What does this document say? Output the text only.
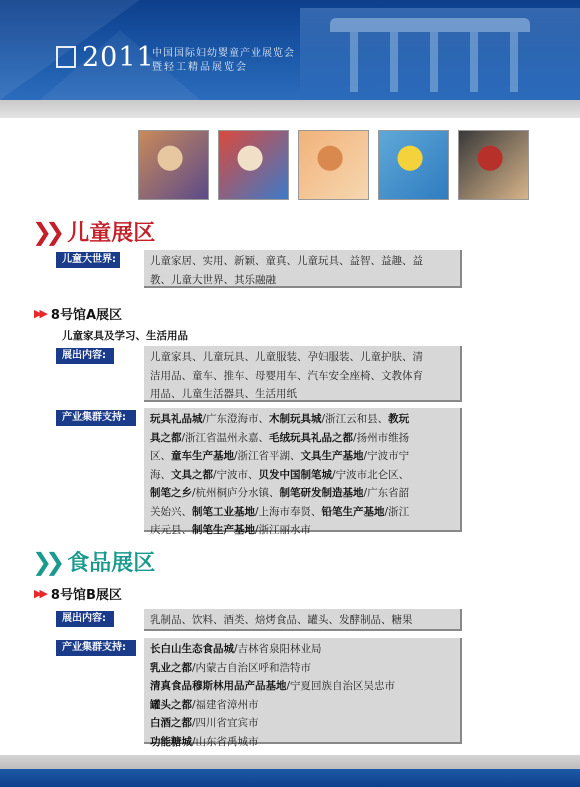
2011
中国国际妇幼婴童产业展览会
暨轻工精品展览会
❯❯ 儿童展区
儿童大世界:	儿童家居、实用、新颖、童真、儿童玩具、益智、益趣、益
教、儿童大世界、其乐融融
▶▶ 8号馆A展区
儿童家具及学习、生活用品
展出内容:	儿童家具、儿童玩具、儿童服装、孕妇服装、儿童护肤、清
洁用品、童车、推车、母婴用车、汽车安全座椅、文教体育
用品、儿童生活器具、生活用纸
产业集群支持:	玩具礼品城/广东澄海市、木制玩具城/浙江云和县、教玩
具之都/浙江省温州永嘉、毛绒玩具礼品之都/扬州市维扬
区、童车生产基地/浙江省平湖、文具生产基地/宁波市宁
海、文具之都/宁波市、贝发中国制笔城/宁波市北仑区、
制笔之乡/杭州桐庐分水镇、制笔研发制造基地/广东省韶
关始兴、制笔工业基地/上海市奉贤、铅笔生产基地/浙江
庆元县、制笔生产基地/浙江丽水市
❯❯ 食品展区
▶▶ 8号馆B展区
展出内容:	乳制品、饮料、酒类、焙烤食品、罐头、发酵制品、糖果
产业集群支持:	长白山生态食品城/吉林省泉阳林业局
乳业之都/内蒙古自治区呼和浩特市
清真食品穆斯林用品产品基地/宁夏回族自治区吴忠市
罐头之都/福建省漳州市
白酒之都/四川省宜宾市
功能糖城/山东省禹城市
